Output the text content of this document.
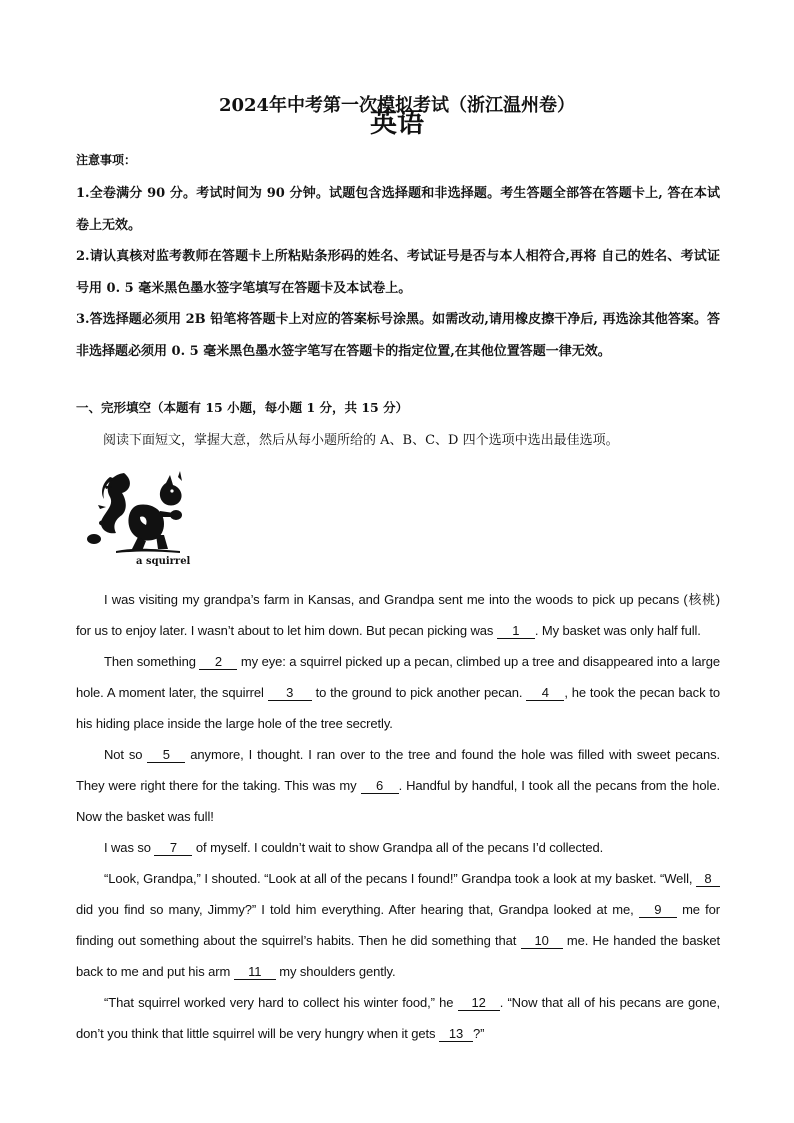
2024年中考第一次模拟考试（浙江温州卷）
英语
注意事项：

1.全卷满分 90 分。考试时间为 90 分钟。试题包含选择题和非选择题。考生答题全部答在答题卡上, 答在本试卷上无效。

2.请认真核对监考教师在答题卡上所粘贴条形码的姓名、考试证号是否与本人相符合,再将 自己的姓名、考试证号用 0. 5 毫米黑色墨水签字笔填写在答题卡及本试卷上。

3.答选择题必须用 2B 铅笔将答题卡上对应的答案标号涂黑。如需改动,请用橡皮擦干净后, 再选涂其他答案。答非选择题必须用 0. 5 毫米黑色墨水签字笔写在答题卡的指定位置,在其他位置答题一律无效。

一、完形填空（本题有 15 小题，每小题 1 分，共 15 分）
阅读下面短文，掌握大意，然后从每小题所给的 A、B、C、D 四个选项中选出最佳选项。
a squirrel

I was visiting my grandpa’s farm in Kansas, and Grandpa sent me into the woods to pick up pecans (核桃) for us to enjoy later. I wasn’t about to let him down. But pecan picking was 1 . My basket was only half full.

Then something 2 my eye: a squirrel picked up a pecan, climbed up a tree and disappeared into a large hole. A moment later, the squirrel 3 to the ground to pick another pecan. 4 , he took the pecan back to his hiding place inside the large hole of the tree secretly.

Not so 5 anymore, I thought. I ran over to the tree and found the hole was filled with sweet pecans. They were right there for the taking. This was my 6 . Handful by handful, I took all the pecans from the hole. Now the basket was full!

I was so 7 of myself. I couldn’t wait to show Grandpa all of the pecans I’d collected.

“Look, Grandpa,” I shouted. “Look at all of the pecans I found!” Grandpa took a look at my basket. “Well, 8 did you find so many, Jimmy?” I told him everything. After hearing that, Grandpa looked at me, 9 me for finding out something about the squirrel’s habits. Then he did something that 10 me. He handed the basket back to me and put his arm 11 my shoulders gently.

“That squirrel worked very hard to collect his winter food,” he 12 . “Now that all of his pecans are gone, don’t you think that little squirrel will be very hungry when it gets 13 ?”
